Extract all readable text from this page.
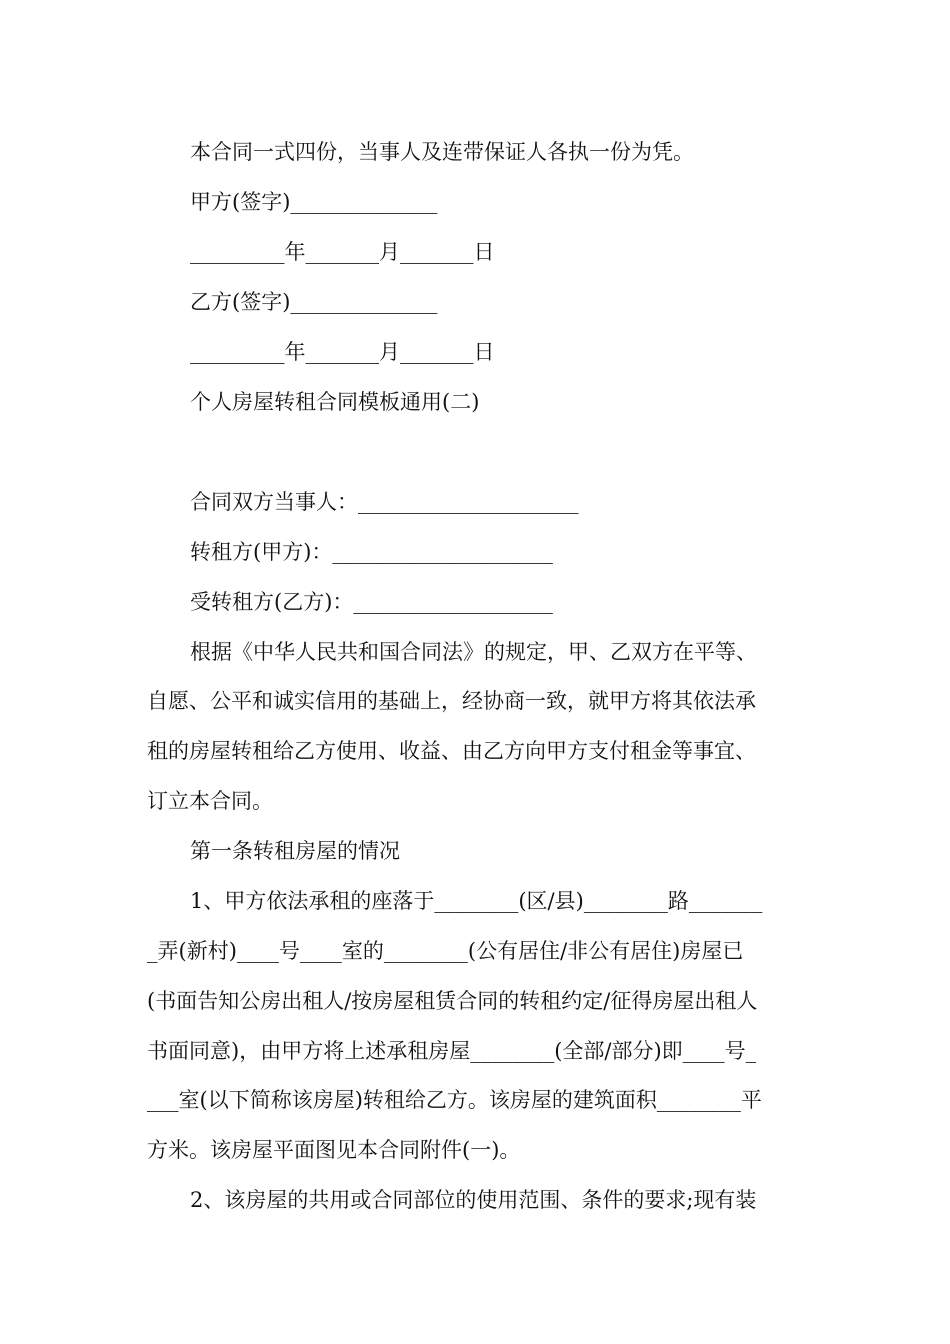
本合同一式四份，当事人及连带保证人各执一份为凭。
甲方(签字)______________
_________年_______月_______日
乙方(签字)______________
_________年_______月_______日
个人房屋转租合同模板通用(二)
合同双方当事人：_____________________
转租方(甲方)：_____________________
受转租方(乙方)：___________________
根据《中华人民共和国合同法》的规定，甲、乙双方在平等、
自愿、公平和诚实信用的基础上，经协商一致，就甲方将其依法承
租的房屋转租给乙方使用、收益、由乙方向甲方支付租金等事宜、
订立本合同。
第一条转租房屋的情况
1、甲方依法承租的座落于________(区/县)________路_______
_弄(新村)____号____室的________(公有居住/非公有居住)房屋已
(书面告知公房出租人/按房屋租赁合同的转租约定/征得房屋出租人
书面同意)，由甲方将上述承租房屋________(全部/部分)即____号_
___室(以下简称该房屋)转租给乙方。该房屋的建筑面积________平
方米。该房屋平面图见本合同附件(一)。
2、该房屋的共用或合同部位的使用范围、条件的要求;现有装
